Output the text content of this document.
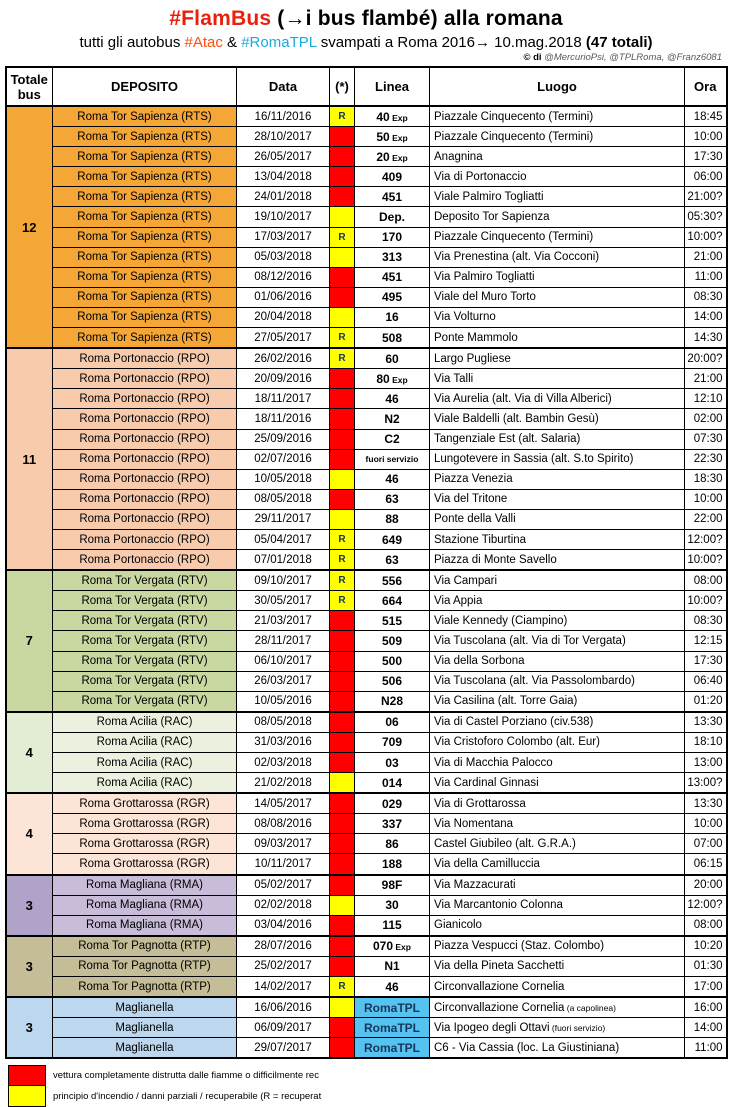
#FlamBus (→i bus flambé) alla romana
tutti gli autobus #Atac & #RomaTPL svampati a Roma 2016→ 10.mag.2018 (47 totali)
© di @MercurioPsi, @TPLRoma, @Franz6081
Totale bus	DEPOSITO	Data	(*)	Linea	Luogo	Ora
12	Roma Tor Sapienza (RTS)	16/11/2016	R	40 Exp	Piazzale Cinquecento (Termini)	18:45
	Roma Tor Sapienza (RTS)	28/10/2017		50 Exp	Piazzale Cinquecento (Termini)	10:00
	Roma Tor Sapienza (RTS)	26/05/2017		20 Exp	Anagnina	17:30
	Roma Tor Sapienza (RTS)	13/04/2018		409	Via di Portonaccio	06:00
	Roma Tor Sapienza (RTS)	24/01/2018		451	Viale Palmiro Togliatti	21:00?
	Roma Tor Sapienza (RTS)	19/10/2017		Dep.	Deposito Tor Sapienza	05:30?
	Roma Tor Sapienza (RTS)	17/03/2017	R	170	Piazzale Cinquecento (Termini)	10:00?
	Roma Tor Sapienza (RTS)	05/03/2018		313	Via Prenestina (alt. Via Cocconi)	21:00
	Roma Tor Sapienza (RTS)	08/12/2016		451	Via Palmiro Togliatti	11:00
	Roma Tor Sapienza (RTS)	01/06/2016		495	Viale del Muro Torto	08:30
	Roma Tor Sapienza (RTS)	20/04/2018		16	Via Volturno	14:00
	Roma Tor Sapienza (RTS)	27/05/2017	R	508	Ponte Mammolo	14:30
11	Roma Portonaccio (RPO)	26/02/2016	R	60	Largo Pugliese	20:00?
	Roma Portonaccio (RPO)	20/09/2016		80 Exp	Via Talli	21:00
	Roma Portonaccio (RPO)	18/11/2017		46	Via Aurelia (alt. Via di Villa Alberici)	12:10
	Roma Portonaccio (RPO)	18/11/2016		N2	Viale Baldelli (alt. Bambin Gesù)	02:00
	Roma Portonaccio (RPO)	25/09/2016		C2	Tangenziale Est (alt. Salaria)	07:30
	Roma Portonaccio (RPO)	02/07/2016		fuori servizio	Lungotevere in Sassia (alt. S.to Spirito)	22:30
	Roma Portonaccio (RPO)	10/05/2018		46	Piazza Venezia	18:30
	Roma Portonaccio (RPO)	08/05/2018		63	Via del Tritone	10:00
	Roma Portonaccio (RPO)	29/11/2017		88	Ponte della Valli	22:00
	Roma Portonaccio (RPO)	05/04/2017	R	649	Stazione Tiburtina	12:00?
	Roma Portonaccio (RPO)	07/01/2018	R	63	Piazza di Monte Savello	10:00?
7	Roma Tor Vergata (RTV)	09/10/2017	R	556	Via Campari	08:00
	Roma Tor Vergata (RTV)	30/05/2017	R	664	Via Appia	10:00?
	Roma Tor Vergata (RTV)	21/03/2017		515	Viale Kennedy (Ciampino)	08:30
	Roma Tor Vergata (RTV)	28/11/2017		509	Via Tuscolana (alt. Via di Tor Vergata)	12:15
	Roma Tor Vergata (RTV)	06/10/2017		500	Via della Sorbona	17:30
	Roma Tor Vergata (RTV)	26/03/2017		506	Via Tuscolana (alt. Via Passolombardo)	06:40
	Roma Tor Vergata (RTV)	10/05/2016		N28	Via Casilina (alt. Torre Gaia)	01:20
4	Roma Acilia (RAC)	08/05/2018		06	Via di Castel Porziano (civ.538)	13:30
	Roma Acilia (RAC)	31/03/2016		709	Via Cristoforo Colombo (alt. Eur)	18:10
	Roma Acilia (RAC)	02/03/2018		03	Via di Macchia Palocco	13:00
	Roma Acilia (RAC)	21/02/2018		014	Via Cardinal Ginnasi	13:00?
4	Roma Grottarossa (RGR)	14/05/2017		029	Via di Grottarossa	13:30
	Roma Grottarossa (RGR)	08/08/2016		337	Via Nomentana	10:00
	Roma Grottarossa (RGR)	09/03/2017		86	Castel Giubileo (alt. G.R.A.)	07:00
	Roma Grottarossa (RGR)	10/11/2017		188	Via della Camilluccia	06:15
3	Roma Magliana (RMA)	05/02/2017		98F	Via Mazzacurati	20:00
	Roma Magliana (RMA)	02/02/2018		30	Via Marcantonio Colonna	12:00?
	Roma Magliana (RMA)	03/04/2016		115	Gianicolo	08:00
3	Roma Tor Pagnotta (RTP)	28/07/2016		070 Exp	Piazza Vespucci (Staz. Colombo)	10:20
	Roma Tor Pagnotta (RTP)	25/02/2017		N1	Via della Pineta Sacchetti	01:30
	Roma Tor Pagnotta (RTP)	14/02/2017	R	46	Circonvallazione Cornelia	17:00
3	Maglianella	16/06/2016		RomaTPL	Circonvallazione Cornelia (a capolinea)	16:00
	Maglianella	06/09/2017		RomaTPL	Via Ipogeo degli Ottavi (fuori servizio)	14:00
	Maglianella	29/07/2017		RomaTPL	C6 - Via Cassia (loc. La Giustiniana)	11:00
vettura completamente distrutta dalle fiamme o difficilmente rec
principio d'incendio / danni parziali / recuperabile (R = recuperat
